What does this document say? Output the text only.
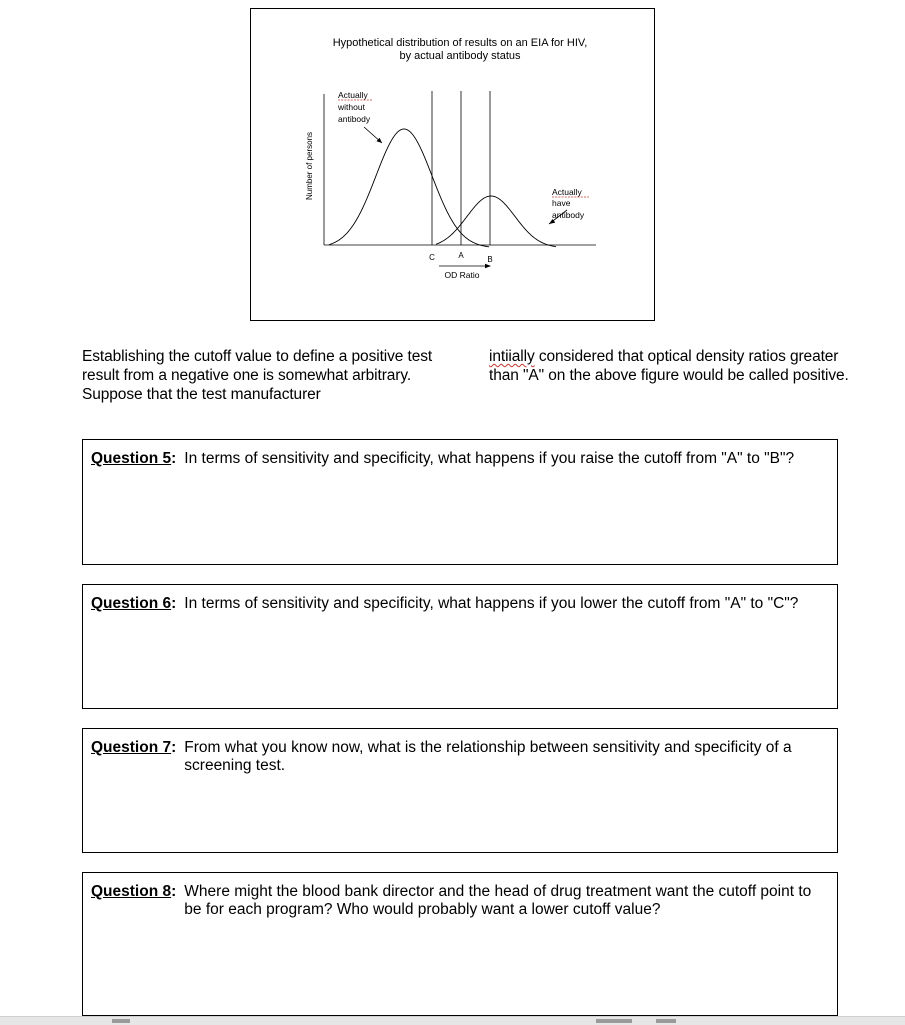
Hypothetical distribution of results on an EIA for HIV,
by actual antibody status
Number of persons
Actually
without
antibody
Actually
have
antibody
C	A	B
OD Ratio
Establishing the cutoff value to define a positive test result from a negative one is somewhat arbitrary. Suppose that the test manufacturer
intiially considered that optical density ratios greater than "A" on the above figure would be called positive.
Question 5 : In terms of sensitivity and specificity, what happens if you raise the cutoff from "A" to "B"?
Question 6 : In terms of sensitivity and specificity, what happens if you lower the cutoff from "A" to "C"?
Question 7 : From what you know now, what is the relationship between sensitivity and specificity of a screening test.
Question 8 : Where might the blood bank director and the head of drug treatment want the cutoff point to be for each program? Who would probably want a lower cutoff value?
